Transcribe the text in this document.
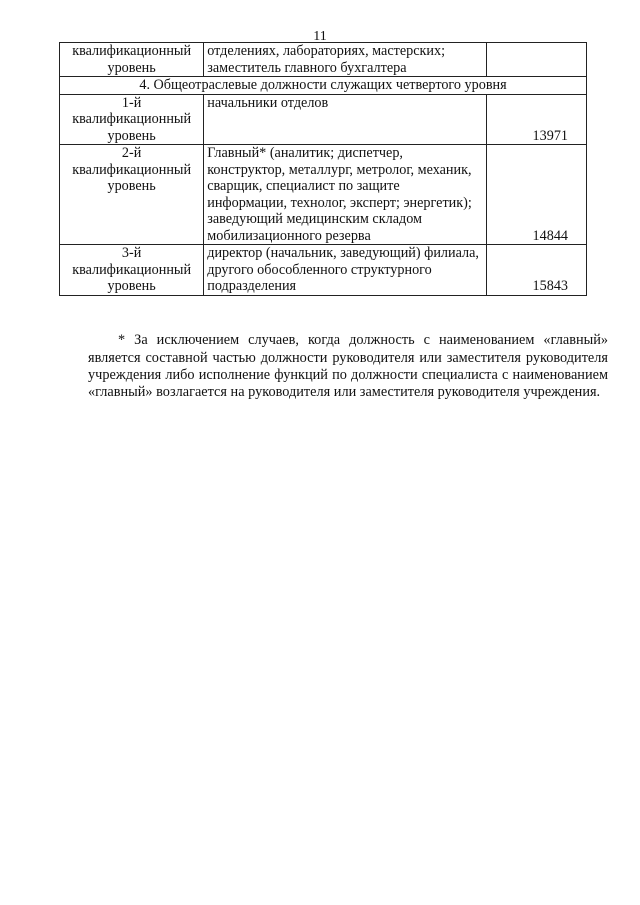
11
квалификационный уровень	отделениях, лабораториях, мастерских; заместитель главного бухгалтера	
4. Общеотраслевые должности служащих четвертого уровня		
1-й квалификационный уровень	начальники отделов	13971
2-й квалификационный уровень	Главный* (аналитик; диспетчер, конструктор, металлург, метролог, механик, сварщик, специалист по защите информации, технолог, эксперт; энергетик); заведующий медицинским складом мобилизационного резерва	14844
3-й квалификационный уровень	директор (начальник, заведующий) филиала, другого обособленного структурного подразделения	15843

* За исключением случаев, когда должность с наименованием «главный» является составной частью должности руководителя или заместителя руководителя учреждения либо исполнение функций по должности специалиста с наименованием «главный» возлагается на руководителя или заместителя руководителя учреждения.
